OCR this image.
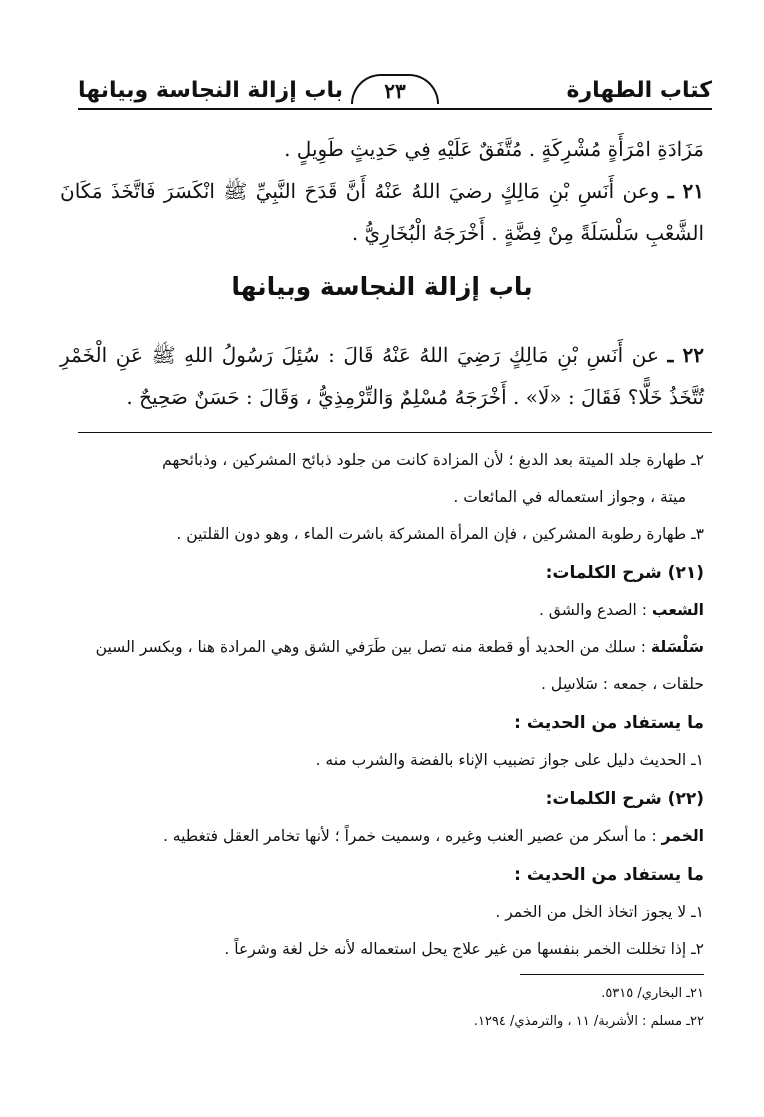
كتاب الطهارة
٢٣
باب إزالة النجاسة وبيانها

مَزَادَةِ امْرَأَةٍ مُشْرِكَةٍ . مُتَّفَقٌ عَلَيْهِ فِي حَدِيثٍ طَوِيلٍ .

٢١ ـ وعن أَنَسِ بْنِ مَالِكٍ رضيَ اللهُ عَنْهُ أَنَّ قَدَحَ النَّبِيِّ ﷺ انْكَسَرَ فَاتَّخَذَ مَكَانَ الشَّعْبِ سَلْسَلَةً مِنْ فِضَّةٍ . أَخْرَجَهُ الْبُخَارِيُّ .

باب إزالة النجاسة وبيانها

٢٢ ـ عن أَنَسِ بْنِ مَالِكٍ رَضِيَ اللهُ عَنْهُ قَالَ : سُئِلَ رَسُولُ اللهِ ﷺ عَنِ الْخَمْرِ تُتَّخَذُ خَلًّا؟ فَقَالَ : «لَا» . أَخْرَجَهُ مُسْلِمٌ وَالتِّرْمِذِيُّ ، وَقَالَ : حَسَنٌ صَحِيحٌ .

٢ـ طهارة جلد الميتة بعد الدبغ ؛ لأن المزادة كانت من جلود ذبائح المشركين ، وذبائحهم

ميتة ، وجواز استعماله في المائعات .

٣ـ طهارة رطوبة المشركين ، فإن المرأة المشركة باشرت الماء ، وهو دون القلتين .

(٢١) شرح الكلمات:

الشعب : الصدع والشق .

سَلْسَلة : سلك من الحديد أو قطعة منه تصل بين طَرَفي الشق وهي المرادة هنا ، وبكسر السين

حلقات ، جمعه : سَلاسِل .

ما يستفاد من الحديث :

١ـ الحديث دليل على جواز تضبيب الإناء بالفضة والشرب منه .

(٢٢) شرح الكلمات:

الخمر : ما أسكر من عصير العنب وغيره ، وسميت خمراً ؛ لأنها تخامر العقل فتغطيه .

ما يستفاد من الحديث :

١ـ لا يجوز اتخاذ الخل من الخمر .

٢ـ إذا تخللت الخمر بنفسها من غير علاج يحل استعماله لأنه خل لغة وشرعاً .

٢١ـ البخاري/ ٥٣١٥.

٢٢ـ مسلم : الأشربة/ ١١ ، والترمذي/ ١٢٩٤.
